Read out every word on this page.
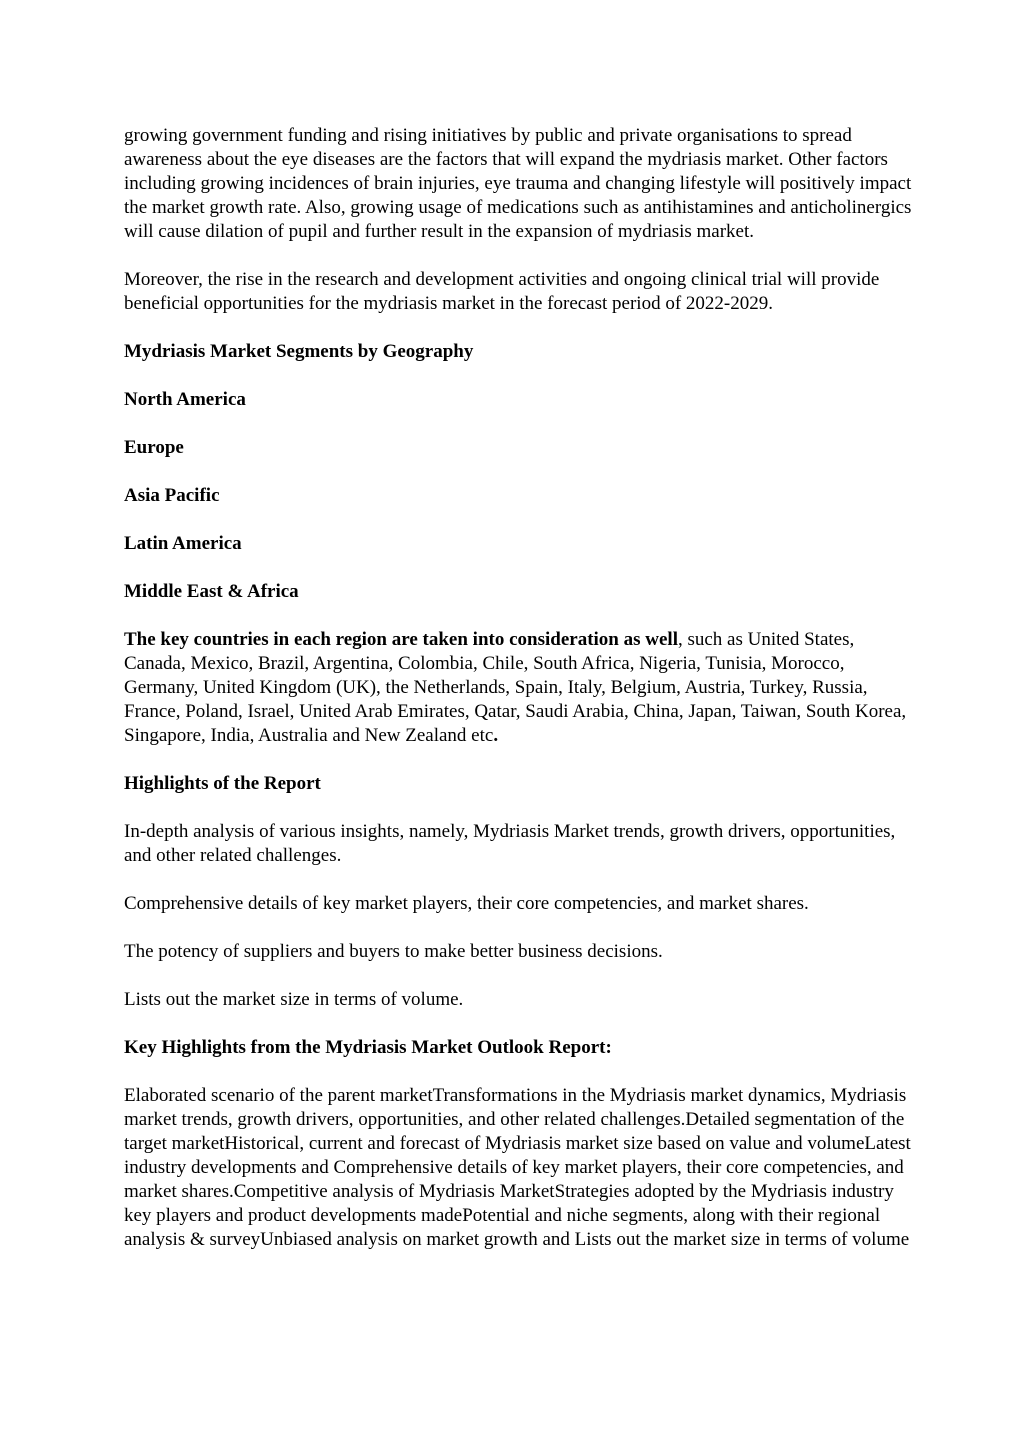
growing government funding and rising initiatives by public and private organisations to spread awareness about the eye diseases are the factors that will expand the mydriasis market. Other factors including growing incidences of brain injuries, eye trauma and changing lifestyle will positively impact the market growth rate. Also, growing usage of medications such as antihistamines and anticholinergics will cause dilation of pupil and further result in the expansion of mydriasis market.

Moreover, the rise in the research and development activities and ongoing clinical trial will provide beneficial opportunities for the mydriasis market in the forecast period of 2022-2029.

Mydriasis Market Segments by Geography

North America

Europe

Asia Pacific

Latin America

Middle East & Africa

The key countries in each region are taken into consideration as well, such as United States, Canada, Mexico, Brazil, Argentina, Colombia, Chile, South Africa, Nigeria, Tunisia, Morocco, Germany, United Kingdom (UK), the Netherlands, Spain, Italy, Belgium, Austria, Turkey, Russia, France, Poland, Israel, United Arab Emirates, Qatar, Saudi Arabia, China, Japan, Taiwan, South Korea, Singapore, India, Australia and New Zealand etc.

Highlights of the Report

In-depth analysis of various insights, namely, Mydriasis Market trends, growth drivers, opportunities, and other related challenges.

Comprehensive details of key market players, their core competencies, and market shares.

The potency of suppliers and buyers to make better business decisions.

Lists out the market size in terms of volume.

Key Highlights from the Mydriasis Market Outlook Report:

Elaborated scenario of the parent marketTransformations in the Mydriasis market dynamics, Mydriasis market trends, growth drivers, opportunities, and other related challenges.Detailed segmentation of the target marketHistorical, current and forecast of Mydriasis market size based on value and volumeLatest industry developments and Comprehensive details of key market players, their core competencies, and market shares.Competitive analysis of Mydriasis MarketStrategies adopted by the Mydriasis industry key players and product developments madePotential and niche segments, along with their regional analysis & surveyUnbiased analysis on market growth and Lists out the market size in terms of volume
